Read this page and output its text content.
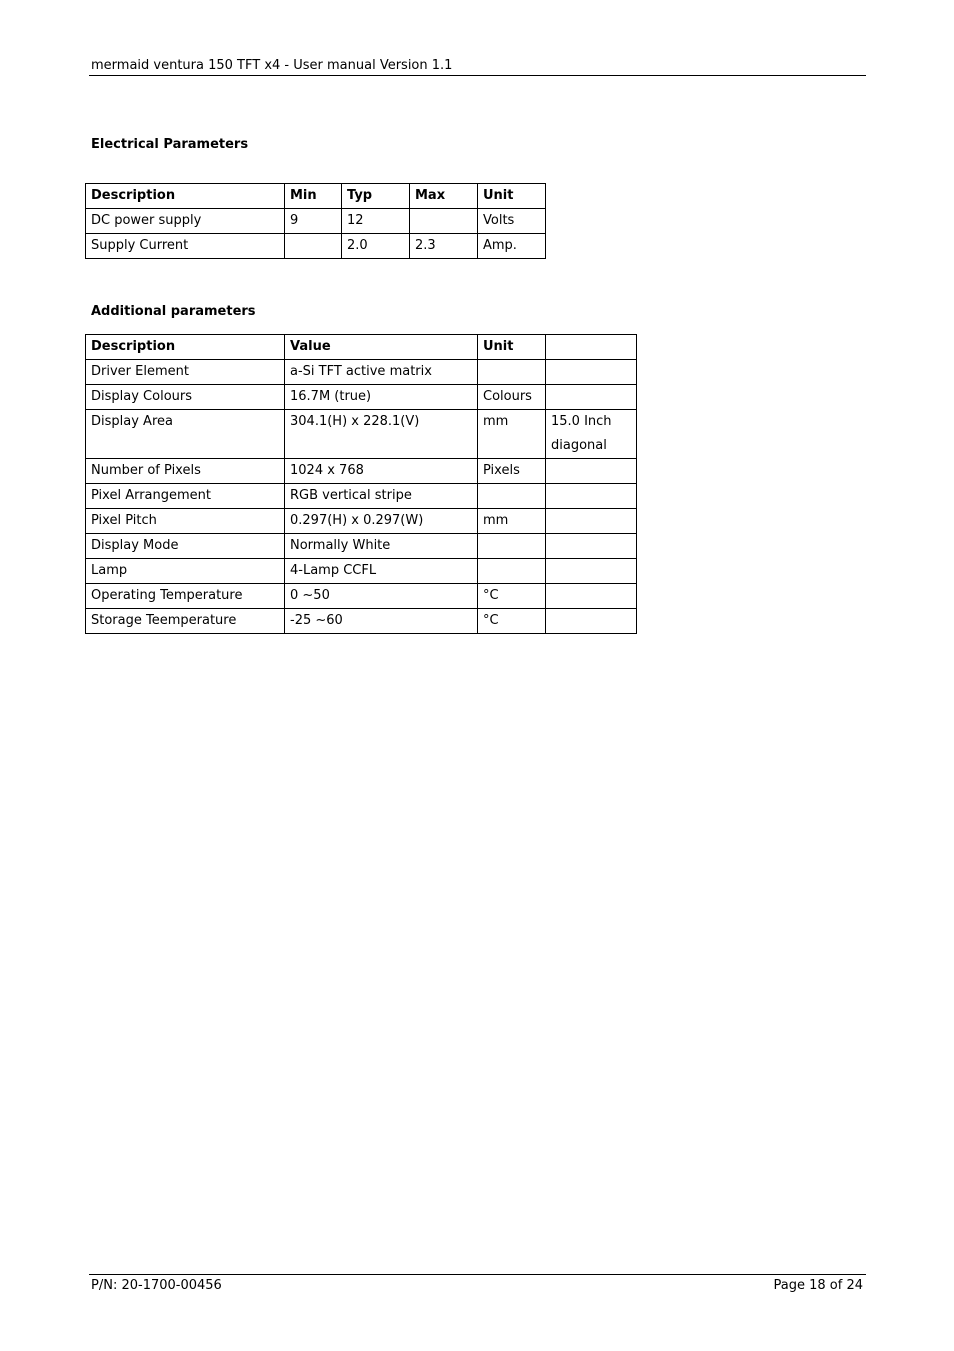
mermaid ventura 150 TFT x4 - User manual Version 1.1
Electrical Parameters
Description	Min	Typ	Max	Unit
DC power supply	9	12		Volts
Supply Current		2.0	2.3	Amp.
Additional parameters
Description	Value	Unit	
Driver Element	a-Si TFT active matrix		
Display Colours	16.7M (true)	Colours	
Display Area	304.1(H) x 228.1(V)	mm	15.0 Inch diagonal
Number of Pixels	1024 x 768	Pixels	
Pixel Arrangement	RGB vertical stripe		
Pixel Pitch	0.297(H) x 0.297(W)	mm	
Display Mode	Normally White		
Lamp	4-Lamp CCFL		
Operating Temperature	0 ~50	°C	
Storage Teemperature	-25 ~60	°C	
P/N: 20-1700-00456	Page 18 of 24
